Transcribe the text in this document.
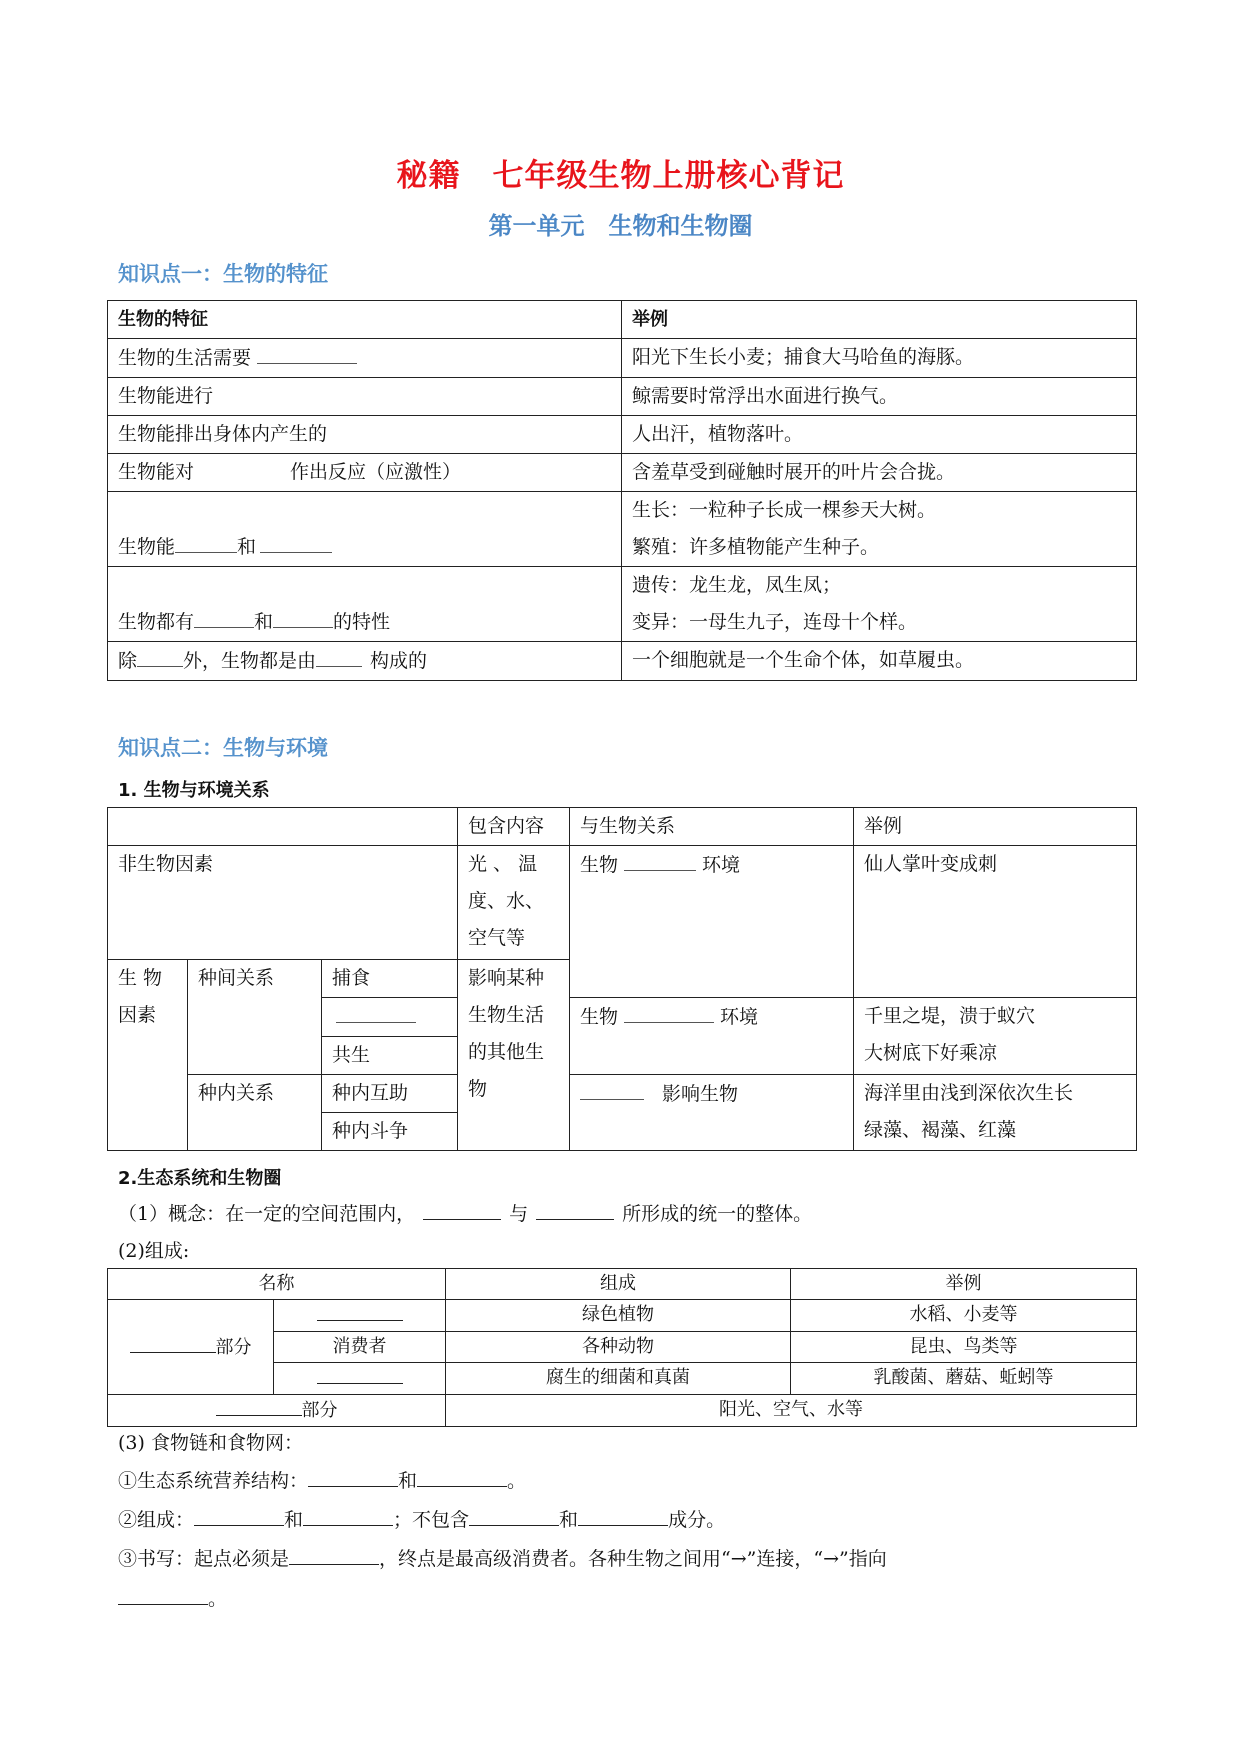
秘籍　七年级生物上册核心背记
第一单元　生物和生物圈
知识点一：生物的特征
生物的特征	举例
生物的生活需要	阳光下生长小麦；捕食大马哈鱼的海豚。
生物能进行	鲸需要时常浮出水面进行换气。
生物能排出身体内产生的	人出汗，植物落叶。
生物能对 作出反应（应激性）	含羞草受到碰触时展开的叶片会合拢。
生物能 和	生长：一粒种子长成一棵参天大树。
繁殖：许多植物能产生种子。

生物都有 和 的特性	遗传：龙生龙，凤生凤；
变异：一母生九子，连母十个样。

除 外，生物都是由 构成的	一个细胞就是一个生命个体，如草履虫。
知识点二：生物与环境
1. 生物与环境关系
			包含内容	与生物关系	举例
非生物因素			光 、 温度、水、空气等	生物 环境	仙人掌叶变成刺
生 物因素	种间关系	捕食	影响某种生物生活的其他生物		
				生物 环境	千里之堤，溃于蚁穴
大树底下好乘凉

		共生			
	种内关系	种内互助		影响生物	海洋里由浅到深依次生长
绿藻、褐藻、红藻

		种内斗争			
2.生态系统和生物圈
（1）概念：在一定的空间范围内，	与	所形成的统一的整体。
(2)组成:
名称		组成	举例
部分		绿色植物	水稻、小麦等
	消费者	各种动物	昆虫、鸟类等
		腐生的细菌和真菌	乳酸菌、蘑菇、蚯蚓等
部分		阳光、空气、水等	
(3) 食物链和食物网：
①生态系统营养结构：	和	。
②组成：	和	；不包含	和	成分。
③书写：起点必须是	，终点是最高级消费者。各种生物之间用“→”连接，“→”指向
。
